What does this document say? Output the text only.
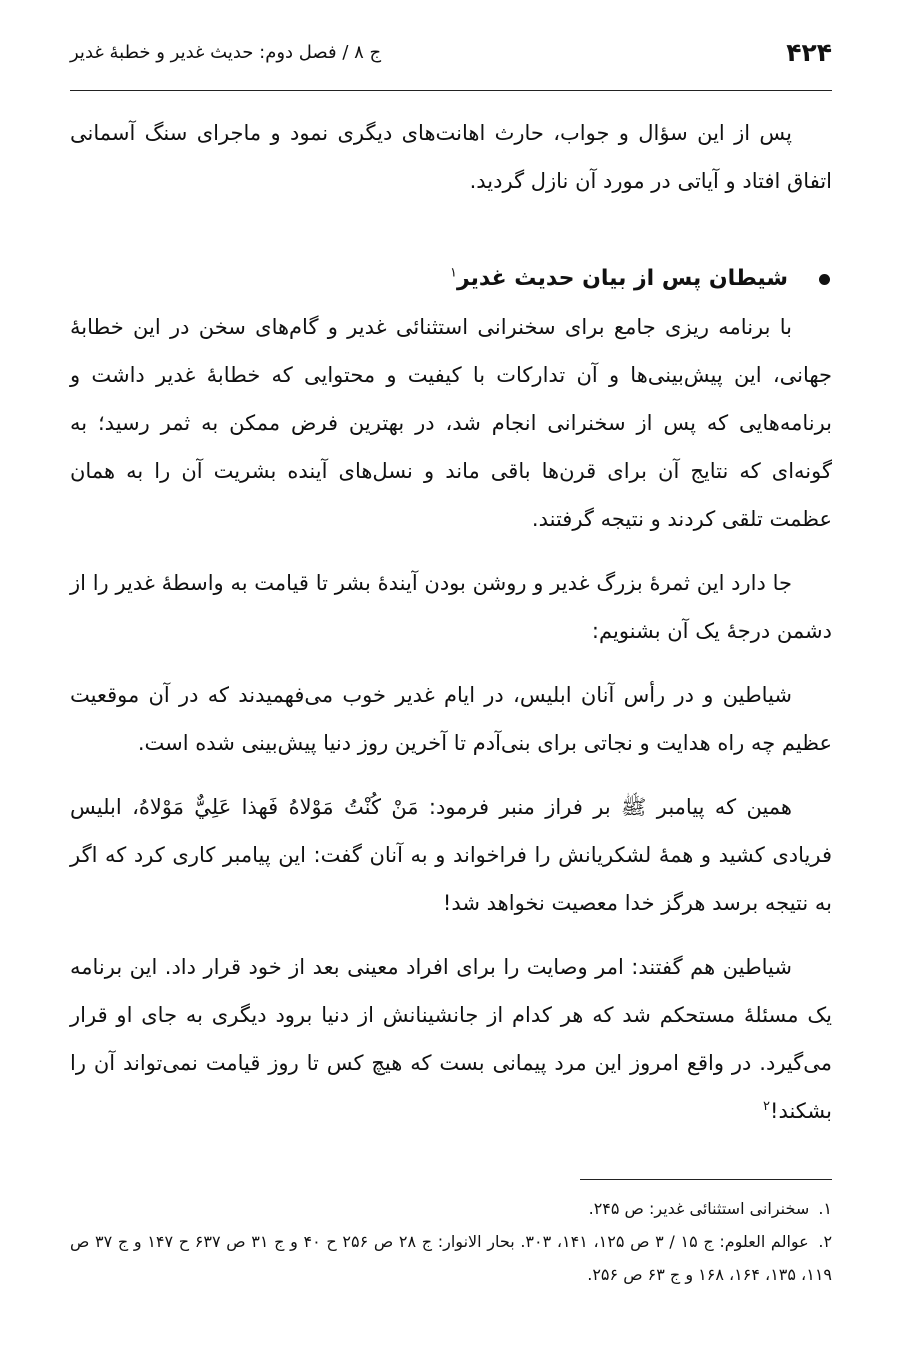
۴۲۴
ج ۸ / فصل دوم: حدیث غدیر و خطبهٔ غدیر

پس از این سؤال و جواب، حارث اهانت‌های دیگری نمود و ماجرای سنگ آسمانی اتفاق افتاد و آیاتی در مورد آن نازل گردید.

شیطان پس از بیان حدیث غدیر$^۱$

با برنامه ریزی جامع برای سخنرانی استثنائی غدیر و گام‌های سخن در این خطابهٔ جهانی، این پیش‌بینی‌ها و آن تدارکات با کیفیت و محتوایی که خطابهٔ غدیر داشت و برنامه‌هایی که پس از سخنرانی انجام شد، در بهترین فرض ممکن به ثمر رسید؛ به گونه‌ای که نتایج آن برای قرن‌ها باقی ماند و نسل‌های آینده بشریت آن را به همان عظمت تلقی کردند و نتیجه گرفتند.

جا دارد این ثمرهٔ بزرگ غدیر و روشن بودن آیندهٔ بشر تا قیامت به واسطهٔ غدیر را از دشمن درجهٔ یک آن بشنویم:

شیاطین و در رأس آنان ابلیس، در ایام غدیر خوب می‌فهمیدند که در آن موقعیت عظیم چه راه هدایت و نجاتی برای بنی‌آدم تا آخرین روز دنیا پیش‌بینی شده است.

همین که پیامبر ﷺ بر فراز منبر فرمود: مَنْ كُنْتُ مَوْلاهُ فَهذا عَلِيٌّ مَوْلاهُ، ابلیس فریادی کشید و همهٔ لشکریانش را فراخواند و به آنان گفت: این پیامبر کاری کرد که اگر به نتیجه برسد هرگز خدا معصیت نخواهد شد!

شیاطین هم گفتند: امر وصایت را برای افراد معینی بعد از خود قرار داد. این برنامه یک مسئلهٔ مستحکم شد که هر کدام از جانشینانش از دنیا برود دیگری به جای او قرار می‌گیرد. در واقع امروز این مرد پیمانی بست که هیچ کس تا روز قیامت نمی‌تواند آن را بشکند!$^۲$

۱. سخنرانی استثنائی غدیر: ص ۲۴۵.
۲. عوالم العلوم: ج ۱۵ / ۳ ص ۱۲۵، ۱۴۱، ۳۰۳. بحار الانوار: ج ۲۸ ص ۲۵۶ ح ۴۰ و ج ۳۱ ص ۶۳۷ ح ۱۴۷ و ج ۳۷ ص ۱۱۹، ۱۳۵، ۱۶۴، ۱۶۸ و ج ۶۳ ص ۲۵۶.
